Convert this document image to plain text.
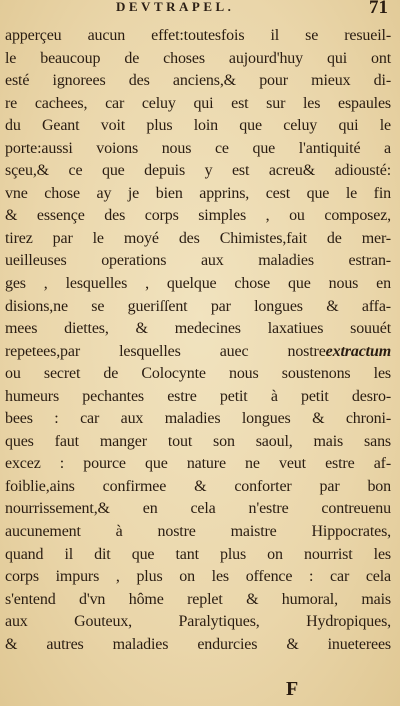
DEVTRAPEL.	71
apperçeu aucun effet:toutesfois il se resueil-
le beaucoup de choses aujourd'huy qui ont
esté ignorees des anciens,& pour mieux di-
re cachees, car celuy qui est sur les espaules
du Geant voit plus loin que celuy qui le
porte:aussi voions nous ce que l'antiquité a
sçeu,& ce que depuis y est acreu& adiousté:
vne chose ay je bien apprins, cest que le fin
& essençe des corps simples , ou composez,
tirez par le moyé des Chimistes,fait de mer-
ueilleuses operations aux maladies estran-
ges , lesquelles , quelque chose que nous en
disions,ne se gueriſſent par longues & affa-
mees diettes, & medecines laxatiues souuét
repetees,par lesquelles auec nostreextractum
ou secret de Colocynte nous soustenons les
humeurs pechantes estre petit à petit desro-
bees : car aux maladies longues & chroni-
ques faut manger tout son saoul, mais sans
excez : pource que nature ne veut estre af-
foiblie,ains confirmee & conforter par bon
nourrissement,& en cela n'estre contreuenu
aucunement à nostre maistre Hippocrates,
quand il dit que tant plus on nourrist les
corps impurs , plus on les offence : car cela
s'entend d'vn hôme replet & humoral, mais
aux Gouteux, Paralytiques, Hydropiques,
& autres maladies endurcies & inueterees
F
